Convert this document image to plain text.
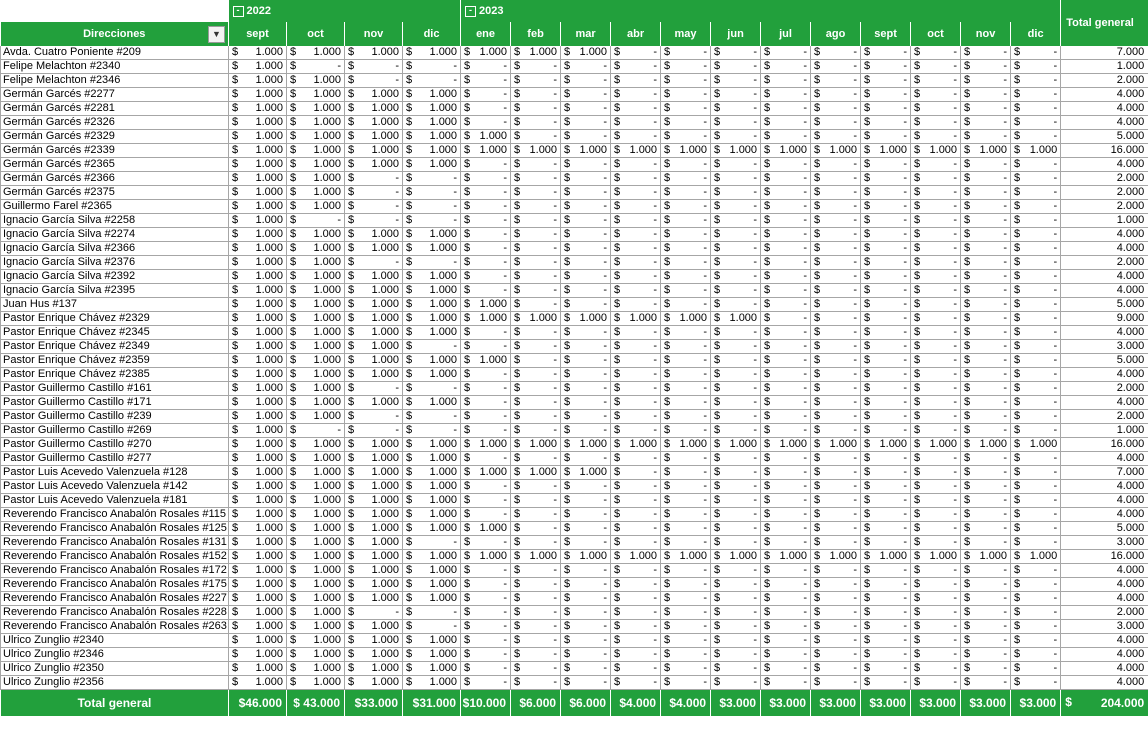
	- 2022				- 2023												Total general
Direcciones ▼	sept	oct	nov	dic	ene	feb	mar	abr	may	jun	jul	ago	sept	oct	nov	dic	
Avda. Cuatro Poniente #209	$ 1.000	$ 1.000	$ 1.000	$ 1.000	$ 1.000	$ 1.000	$ 1.000	$ -	$ -	$ -	$ -	$ -	$ -	$ -	$ -	$ -	7.000
Felipe Melachton #2340	$ 1.000	$ -	$ -	$ -	$ -	$ -	$ -	$ -	$ -	$ -	$ -	$ -	$ -	$ -	$ -	$ -	1.000
Felipe Melachton #2346	$ 1.000	$ 1.000	$ -	$ -	$ -	$ -	$ -	$ -	$ -	$ -	$ -	$ -	$ -	$ -	$ -	$ -	2.000
Germán Garcés #2277	$ 1.000	$ 1.000	$ 1.000	$ 1.000	$ -	$ -	$ -	$ -	$ -	$ -	$ -	$ -	$ -	$ -	$ -	$ -	4.000
Germán Garcés #2281	$ 1.000	$ 1.000	$ 1.000	$ 1.000	$ -	$ -	$ -	$ -	$ -	$ -	$ -	$ -	$ -	$ -	$ -	$ -	4.000
Germán Garcés #2326	$ 1.000	$ 1.000	$ 1.000	$ 1.000	$ -	$ -	$ -	$ -	$ -	$ -	$ -	$ -	$ -	$ -	$ -	$ -	4.000
Germán Garcés #2329	$ 1.000	$ 1.000	$ 1.000	$ 1.000	$ 1.000	$ -	$ -	$ -	$ -	$ -	$ -	$ -	$ -	$ -	$ -	$ -	5.000
Germán Garcés #2339	$ 1.000	$ 1.000	$ 1.000	$ 1.000	$ 1.000	$ 1.000	$ 1.000	$ 1.000	$ 1.000	$ 1.000	$ 1.000	$ 1.000	$ 1.000	$ 1.000	$ 1.000	$ 1.000	16.000
Germán Garcés #2365	$ 1.000	$ 1.000	$ 1.000	$ 1.000	$ -	$ -	$ -	$ -	$ -	$ -	$ -	$ -	$ -	$ -	$ -	$ -	4.000
Germán Garcés #2366	$ 1.000	$ 1.000	$ -	$ -	$ -	$ -	$ -	$ -	$ -	$ -	$ -	$ -	$ -	$ -	$ -	$ -	2.000
Germán Garcés #2375	$ 1.000	$ 1.000	$ -	$ -	$ -	$ -	$ -	$ -	$ -	$ -	$ -	$ -	$ -	$ -	$ -	$ -	2.000
Guillermo Farel #2365	$ 1.000	$ 1.000	$ -	$ -	$ -	$ -	$ -	$ -	$ -	$ -	$ -	$ -	$ -	$ -	$ -	$ -	2.000
Ignacio García Silva #2258	$ 1.000	$ -	$ -	$ -	$ -	$ -	$ -	$ -	$ -	$ -	$ -	$ -	$ -	$ -	$ -	$ -	1.000
Ignacio García Silva #2274	$ 1.000	$ 1.000	$ 1.000	$ 1.000	$ -	$ -	$ -	$ -	$ -	$ -	$ -	$ -	$ -	$ -	$ -	$ -	4.000
Ignacio García Silva #2366	$ 1.000	$ 1.000	$ 1.000	$ 1.000	$ -	$ -	$ -	$ -	$ -	$ -	$ -	$ -	$ -	$ -	$ -	$ -	4.000
Ignacio García Silva #2376	$ 1.000	$ 1.000	$ -	$ -	$ -	$ -	$ -	$ -	$ -	$ -	$ -	$ -	$ -	$ -	$ -	$ -	2.000
Ignacio García Silva #2392	$ 1.000	$ 1.000	$ 1.000	$ 1.000	$ -	$ -	$ -	$ -	$ -	$ -	$ -	$ -	$ -	$ -	$ -	$ -	4.000
Ignacio García Silva #2395	$ 1.000	$ 1.000	$ 1.000	$ 1.000	$ -	$ -	$ -	$ -	$ -	$ -	$ -	$ -	$ -	$ -	$ -	$ -	4.000
Juan Hus #137	$ 1.000	$ 1.000	$ 1.000	$ 1.000	$ 1.000	$ -	$ -	$ -	$ -	$ -	$ -	$ -	$ -	$ -	$ -	$ -	5.000
Pastor Enrique Chávez #2329	$ 1.000	$ 1.000	$ 1.000	$ 1.000	$ 1.000	$ 1.000	$ 1.000	$ 1.000	$ 1.000	$ 1.000	$ -	$ -	$ -	$ -	$ -	$ -	9.000
Pastor Enrique Chávez #2345	$ 1.000	$ 1.000	$ 1.000	$ 1.000	$ -	$ -	$ -	$ -	$ -	$ -	$ -	$ -	$ -	$ -	$ -	$ -	4.000
Pastor Enrique Chávez #2349	$ 1.000	$ 1.000	$ 1.000	$ -	$ -	$ -	$ -	$ -	$ -	$ -	$ -	$ -	$ -	$ -	$ -	$ -	3.000
Pastor Enrique Chávez #2359	$ 1.000	$ 1.000	$ 1.000	$ 1.000	$ 1.000	$ -	$ -	$ -	$ -	$ -	$ -	$ -	$ -	$ -	$ -	$ -	5.000
Pastor Enrique Chávez #2385	$ 1.000	$ 1.000	$ 1.000	$ 1.000	$ -	$ -	$ -	$ -	$ -	$ -	$ -	$ -	$ -	$ -	$ -	$ -	4.000
Pastor Guillermo Castillo #161	$ 1.000	$ 1.000	$ -	$ -	$ -	$ -	$ -	$ -	$ -	$ -	$ -	$ -	$ -	$ -	$ -	$ -	2.000
Pastor Guillermo Castillo #171	$ 1.000	$ 1.000	$ 1.000	$ 1.000	$ -	$ -	$ -	$ -	$ -	$ -	$ -	$ -	$ -	$ -	$ -	$ -	4.000
Pastor Guillermo Castillo #239	$ 1.000	$ 1.000	$ -	$ -	$ -	$ -	$ -	$ -	$ -	$ -	$ -	$ -	$ -	$ -	$ -	$ -	2.000
Pastor Guillermo Castillo #269	$ 1.000	$ -	$ -	$ -	$ -	$ -	$ -	$ -	$ -	$ -	$ -	$ -	$ -	$ -	$ -	$ -	1.000
Pastor Guillermo Castillo #270	$ 1.000	$ 1.000	$ 1.000	$ 1.000	$ 1.000	$ 1.000	$ 1.000	$ 1.000	$ 1.000	$ 1.000	$ 1.000	$ 1.000	$ 1.000	$ 1.000	$ 1.000	$ 1.000	16.000
Pastor Guillermo Castillo #277	$ 1.000	$ 1.000	$ 1.000	$ 1.000	$ -	$ -	$ -	$ -	$ -	$ -	$ -	$ -	$ -	$ -	$ -	$ -	4.000
Pastor Luis Acevedo Valenzuela #128	$ 1.000	$ 1.000	$ 1.000	$ 1.000	$ 1.000	$ 1.000	$ 1.000	$ -	$ -	$ -	$ -	$ -	$ -	$ -	$ -	$ -	7.000
Pastor Luis Acevedo Valenzuela #142	$ 1.000	$ 1.000	$ 1.000	$ 1.000	$ -	$ -	$ -	$ -	$ -	$ -	$ -	$ -	$ -	$ -	$ -	$ -	4.000
Pastor Luis Acevedo Valenzuela #181	$ 1.000	$ 1.000	$ 1.000	$ 1.000	$ -	$ -	$ -	$ -	$ -	$ -	$ -	$ -	$ -	$ -	$ -	$ -	4.000
Reverendo Francisco Anabalón Rosales #115	$ 1.000	$ 1.000	$ 1.000	$ 1.000	$ -	$ -	$ -	$ -	$ -	$ -	$ -	$ -	$ -	$ -	$ -	$ -	4.000
Reverendo Francisco Anabalón Rosales #125	$ 1.000	$ 1.000	$ 1.000	$ 1.000	$ 1.000	$ -	$ -	$ -	$ -	$ -	$ -	$ -	$ -	$ -	$ -	$ -	5.000
Reverendo Francisco Anabalón Rosales #131	$ 1.000	$ 1.000	$ 1.000	$ -	$ -	$ -	$ -	$ -	$ -	$ -	$ -	$ -	$ -	$ -	$ -	$ -	3.000
Reverendo Francisco Anabalón Rosales #152	$ 1.000	$ 1.000	$ 1.000	$ 1.000	$ 1.000	$ 1.000	$ 1.000	$ 1.000	$ 1.000	$ 1.000	$ 1.000	$ 1.000	$ 1.000	$ 1.000	$ 1.000	$ 1.000	16.000
Reverendo Francisco Anabalón Rosales #172	$ 1.000	$ 1.000	$ 1.000	$ 1.000	$ -	$ -	$ -	$ -	$ -	$ -	$ -	$ -	$ -	$ -	$ -	$ -	4.000
Reverendo Francisco Anabalón Rosales #175	$ 1.000	$ 1.000	$ 1.000	$ 1.000	$ -	$ -	$ -	$ -	$ -	$ -	$ -	$ -	$ -	$ -	$ -	$ -	4.000
Reverendo Francisco Anabalón Rosales #227	$ 1.000	$ 1.000	$ 1.000	$ 1.000	$ -	$ -	$ -	$ -	$ -	$ -	$ -	$ -	$ -	$ -	$ -	$ -	4.000
Reverendo Francisco Anabalón Rosales #228	$ 1.000	$ 1.000	$ -	$ -	$ -	$ -	$ -	$ -	$ -	$ -	$ -	$ -	$ -	$ -	$ -	$ -	2.000
Reverendo Francisco Anabalón Rosales #263	$ 1.000	$ 1.000	$ 1.000	$ -	$ -	$ -	$ -	$ -	$ -	$ -	$ -	$ -	$ -	$ -	$ -	$ -	3.000
Ulrico Zunglio #2340	$ 1.000	$ 1.000	$ 1.000	$ 1.000	$ -	$ -	$ -	$ -	$ -	$ -	$ -	$ -	$ -	$ -	$ -	$ -	4.000
Ulrico Zunglio #2346	$ 1.000	$ 1.000	$ 1.000	$ 1.000	$ -	$ -	$ -	$ -	$ -	$ -	$ -	$ -	$ -	$ -	$ -	$ -	4.000
Ulrico Zunglio #2350	$ 1.000	$ 1.000	$ 1.000	$ 1.000	$ -	$ -	$ -	$ -	$ -	$ -	$ -	$ -	$ -	$ -	$ -	$ -	4.000
Ulrico Zunglio #2356	$ 1.000	$ 1.000	$ 1.000	$ 1.000	$ -	$ -	$ -	$ -	$ -	$ -	$ -	$ -	$ -	$ -	$ -	$ -	4.000
Total general	$46.000	$ 43.000	$33.000	$31.000	$10.000	$6.000	$6.000	$4.000	$4.000	$3.000	$3.000	$3.000	$3.000	$3.000	$3.000	$3.000	$ 204.000
